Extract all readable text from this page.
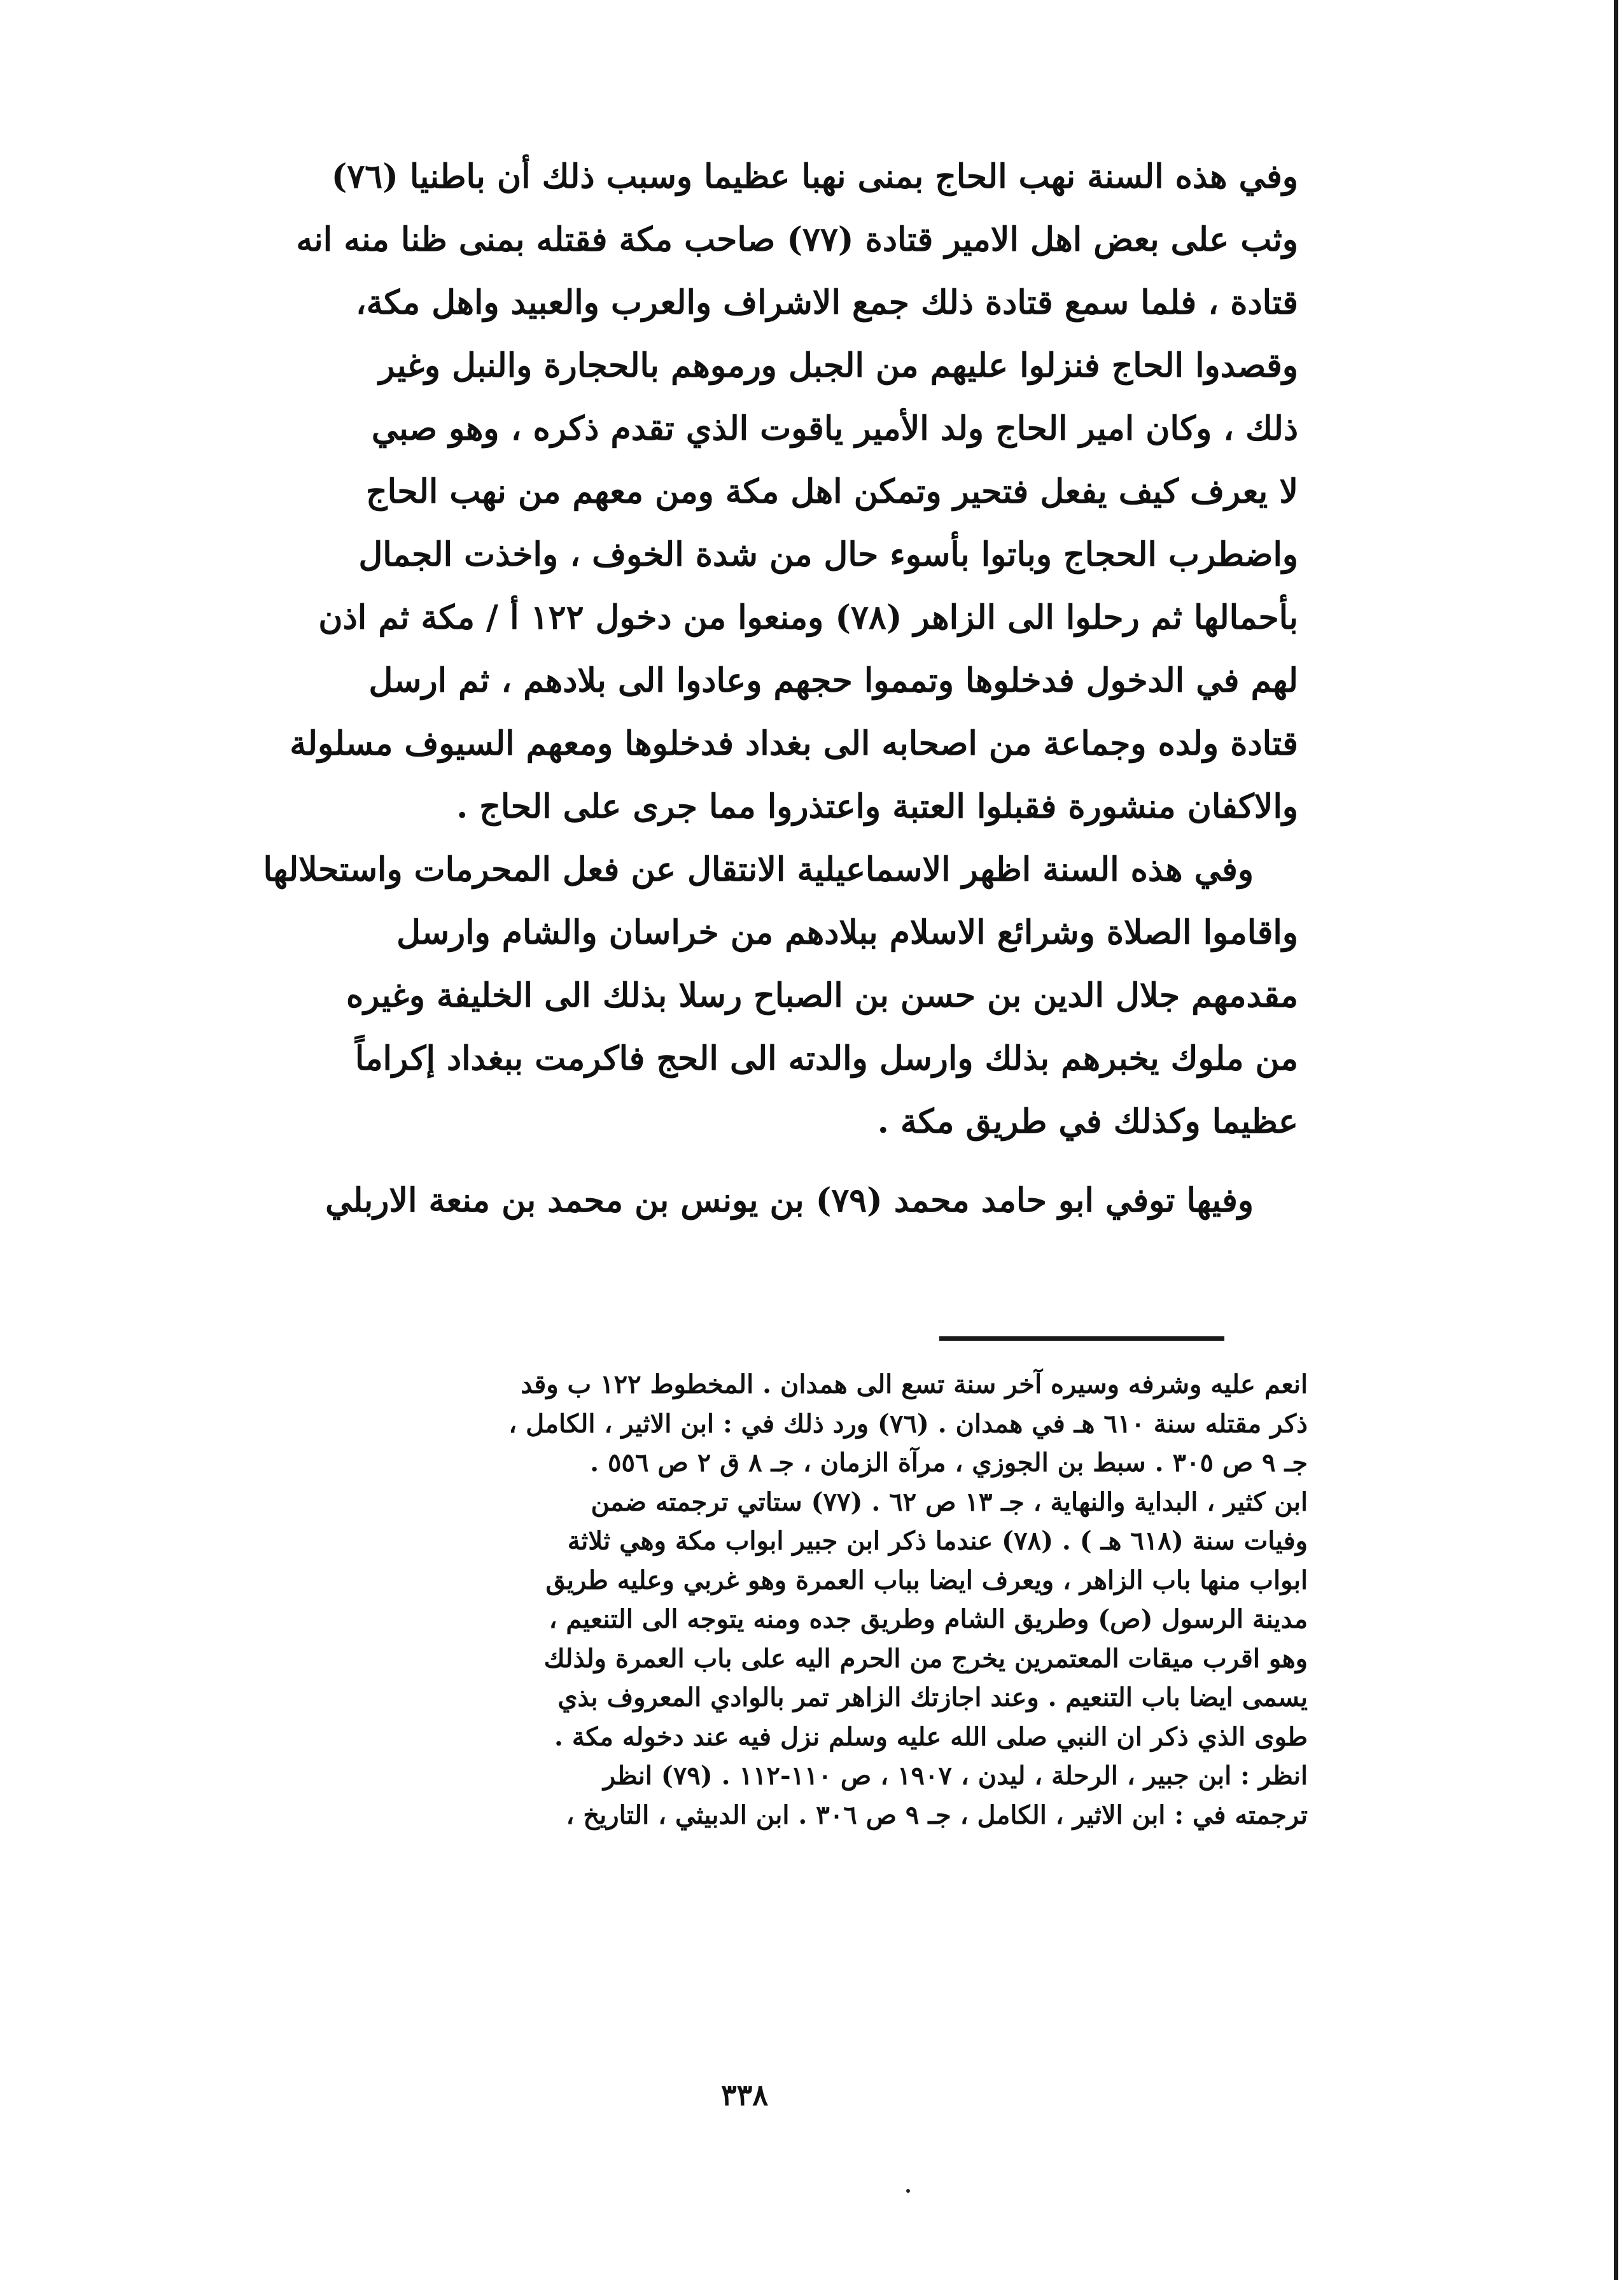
وفي هذه السنة نهب الحاج بمنى نهبا عظيما وسبب ذلك أن باطنيا (٧٦)
وثب على بعض اهل الامير قتادة (٧٧) صاحب مكة فقتله بمنى ظنا منه انه
قتادة ، فلما سمع قتادة ذلك جمع الاشراف والعرب والعبيد واهل مكة،
وقصدوا الحاج فنزلوا عليهم من الجبل ورموهم بالحجارة والنبل وغير
ذلك ، وكان امير الحاج ولد الأمير ياقوت الذي تقدم ذكره ، وهو صبي
لا يعرف كيف يفعل فتحير وتمكن اهل مكة ومن معهم من نهب الحاج
واضطرب الحجاج وباتوا بأسوء حال من شدة الخوف ، واخذت الجمال
بأحمالها ثم رحلوا الى الزاهر (٧٨) ومنعوا من دخول ١٢٢ أ / مكة ثم اذن
لهم في الدخول فدخلوها وتمموا حجهم وعادوا الى بلادهم ، ثم ارسل
قتادة ولده وجماعة من اصحابه الى بغداد فدخلوها ومعهم السيوف مسلولة
والاكفان منشورة فقبلوا العتبة واعتذروا مما جرى على الحاج .
وفي هذه السنة اظهر الاسماعيلية الانتقال عن فعل المحرمات واستحلالها
واقاموا الصلاة وشرائع الاسلام ببلادهم من خراسان والشام وارسل
مقدمهم جلال الدين بن حسن بن الصباح رسلا بذلك الى الخليفة وغيره
من ملوك يخبرهم بذلك وارسل والدته الى الحج فاكرمت ببغداد إكراماً
عظيما وكذلك في طريق مكة .
وفيها توفي ابو حامد محمد (٧٩) بن يونس بن محمد بن منعة الاربلي
انعم عليه وشرفه وسيره آخر سنة تسع الى همدان . المخطوط ١٢٢ ب وقد
ذكر مقتله سنة ٦١٠ هـ في همدان . (٧٦) ورد ذلك في : ابن الاثير ، الكامل ،
جـ ٩ ص ٣٠٥ . سبط بن الجوزي ، مرآة الزمان ، جـ ٨ ق ٢ ص ٥٥٦ .
ابن كثير ، البداية والنهاية ، جـ ١٣ ص ٦٢ . (٧٧) ستاتي ترجمته ضمن
وفيات سنة (٦١٨ هـ ) . (٧٨) عندما ذكر ابن جبير ابواب مكة وهي ثلاثة
ابواب منها باب الزاهر ، ويعرف ايضا بباب العمرة وهو غربي وعليه طريق
مدينة الرسول (ص) وطريق الشام وطريق جده ومنه يتوجه الى التنعيم ،
وهو اقرب ميقات المعتمرين يخرج من الحرم اليه على باب العمرة ولذلك
يسمى ايضا باب التنعيم . وعند اجازتك الزاهر تمر بالوادي المعروف بذي
طوى الذي ذكر ان النبي صلى الله عليه وسلم نزل فيه عند دخوله مكة .
انظر : ابن جبير ، الرحلة ، ليدن ، ١٩٠٧ ، ص ١١٠-١١٢ . (٧٩) انظر
ترجمته في : ابن الاثير ، الكامل ، جـ ٩ ص ٣٠٦ . ابن الدبيثي ، التاريخ ،
٣٣٨
